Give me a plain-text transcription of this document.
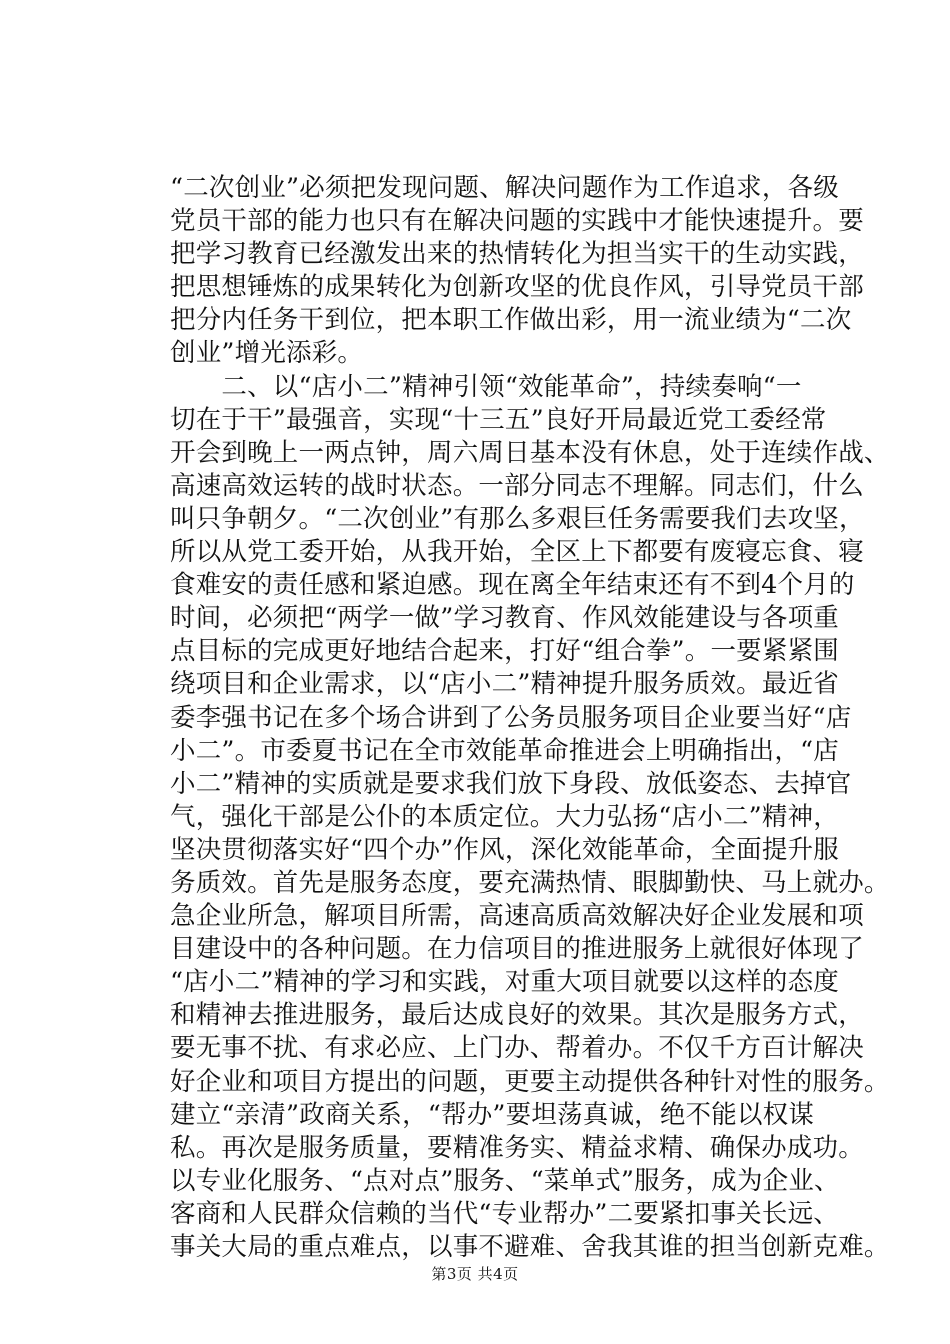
“二次创业”必须把发现问题、解决问题作为工作追求，各级
党员干部的能力也只有在解决问题的实践中才能快速提升。要
把学习教育已经激发出来的热情转化为担当实干的生动实践，
把思想锤炼的成果转化为创新攻坚的优良作风，引导党员干部
把分内任务干到位，把本职工作做出彩，用一流业绩为“二次
创业”增光添彩。
　　二、以“店小二”精神引领“效能革命”，持续奏响“一
切在于干”最强音，实现“十三五”良好开局最近党工委经常
开会到晚上一两点钟，周六周日基本没有休息，处于连续作战、
高速高效运转的战时状态。一部分同志不理解。同志们，什么
叫只争朝夕。“二次创业”有那么多艰巨任务需要我们去攻坚，
所以从党工委开始，从我开始，全区上下都要有废寝忘食、寝
食难安的责任感和紧迫感。现在离全年结束还有不到4个月的
时间，必须把“两学一做”学习教育、作风效能建设与各项重
点目标的完成更好地结合起来，打好“组合拳”。一要紧紧围
绕项目和企业需求，以“店小二”精神提升服务质效。最近省
委李强书记在多个场合讲到了公务员服务项目企业要当好“店
小二”。市委夏书记在全市效能革命推进会上明确指出，“店
小二”精神的实质就是要求我们放下身段、放低姿态、去掉官
气，强化干部是公仆的本质定位。大力弘扬“店小二”精神，
坚决贯彻落实好“四个办”作风，深化效能革命，全面提升服
务质效。首先是服务态度，要充满热情、眼脚勤快、马上就办。
急企业所急，解项目所需，高速高质高效解决好企业发展和项
目建设中的各种问题。在力信项目的推进服务上就很好体现了
“店小二”精神的学习和实践，对重大项目就要以这样的态度
和精神去推进服务，最后达成良好的效果。其次是服务方式，
要无事不扰、有求必应、上门办、帮着办。不仅千方百计解决
好企业和项目方提出的问题，更要主动提供各种针对性的服务。
建立“亲清”政商关系，“帮办”要坦荡真诚，绝不能以权谋
私。再次是服务质量，要精准务实、精益求精、确保办成功。
以专业化服务、“点对点”服务、“菜单式”服务，成为企业、
客商和人民群众信赖的当代“专业帮办”二要紧扣事关长远、
事关大局的重点难点，以事不避难、舍我其谁的担当创新克难。
第3页 共4页
